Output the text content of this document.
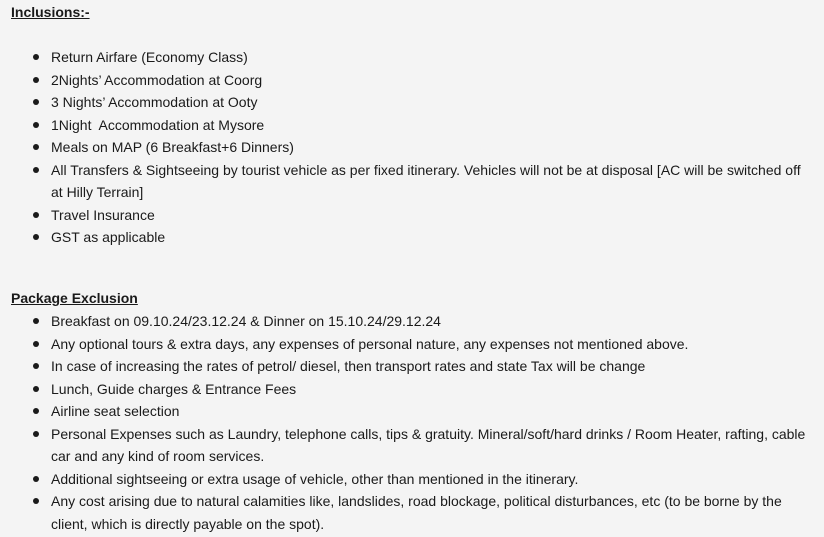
Inclusions:-
Return Airfare (Economy Class)
2Nights’ Accommodation at Coorg
3 Nights’ Accommodation at Ooty
1Night  Accommodation at Mysore
Meals on MAP (6 Breakfast+6 Dinners)
All Transfers & Sightseeing by tourist vehicle as per fixed itinerary. Vehicles will not be at disposal [AC will be switched off at Hilly Terrain]
Travel Insurance
GST as applicable
Package Exclusion
Breakfast on 09.10.24/23.12.24 & Dinner on 15.10.24/29.12.24
Any optional tours & extra days, any expenses of personal nature, any expenses not mentioned above.
In case of increasing the rates of petrol/ diesel, then transport rates and state Tax will be change
Lunch, Guide charges & Entrance Fees
Airline seat selection
Personal Expenses such as Laundry, telephone calls, tips & gratuity. Mineral/soft/hard drinks / Room Heater, rafting, cable car and any kind of room services.
Additional sightseeing or extra usage of vehicle, other than mentioned in the itinerary.
Any cost arising due to natural calamities like, landslides, road blockage, political disturbances, etc (to be borne by the client, which is directly payable on the spot).
